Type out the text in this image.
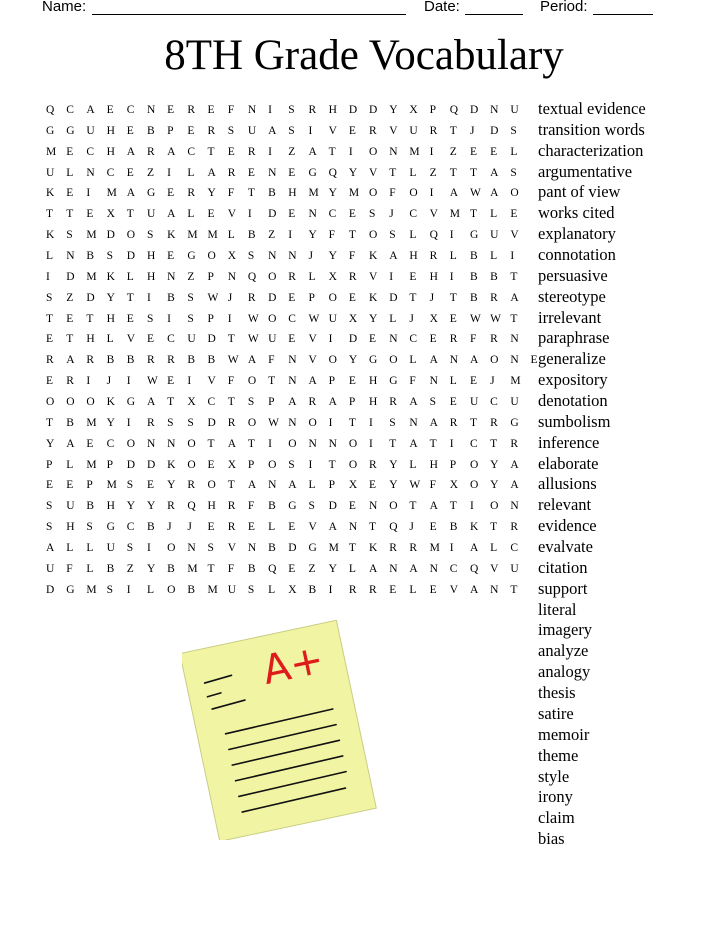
Name:	Date:	Period:
8TH Grade Vocabulary
Q C A E C N E R E F N I S R H D D Y X P Q D N U
G G U H E B P E R S U A S I V E R V U R T J D S
M E C H A R A C T E R I Z A T I O N M I Z E E L
U L N C E Z I L A R E N E G Q Y V T L Z T T A S
K E I M A G E R Y F T B H M Y M O F O I A W A O
T T E X T U A L E V I D E N C E S J C V M T L E
K S M D O S K M M L B Z I Y F T O S L Q I G U V
L N B S D H E G O X S N N J Y F K A H R L B L I
I D M K L H N Z P N Q O R L X R V I E H I B B T
S Z D Y T I B S W J R D E P O E K D T J T B R A
T E T H E S I S P I W O C W U X Y L J X E W W T
E T H L V E C U D T W U E V I D E N C E R F R N
R A R B B R R B B W A F N V O Y G O L A N A O N E
E R I J I W E I V F O T N A P E H G F N L E J M
O O O K G A T X C T S P A R A P H R A S E U C U
T B M Y I R S S D R O W N O I T I S N A R T R G
Y A E C O N N O T A T I O N N O I T A T I C T R
P L M P D D K O E X P O S I T O R Y L H P O Y A
E E P M S E Y R O T A N A L P X E Y W F X O Y A
S U B H Y Y R Q H R F B G S D E N O T A T I O N
S H S G C B J J E R E L E V A N T Q J E B K T R
A L L U S I O N S V N B D G M T K R R M I A L C
U F L B Z Y B M T F B Q E Z Y L A N A N C Q V U
D G M S I L O B M U S L X B I R R E L E V A N T
textual evidence
transition words
characterization
argumentative
pant of view
works cited
explanatory
connotation
persuasive
stereotype
irrelevant
paraphrase
generalize
expository
denotation
sumbolism
inference
elaborate
allusions
relevant
evidence
evalvate
citation
support
literal
imagery
analyze
analogy
thesis
satire
memoir
theme
style
irony
claim
bias
A+
